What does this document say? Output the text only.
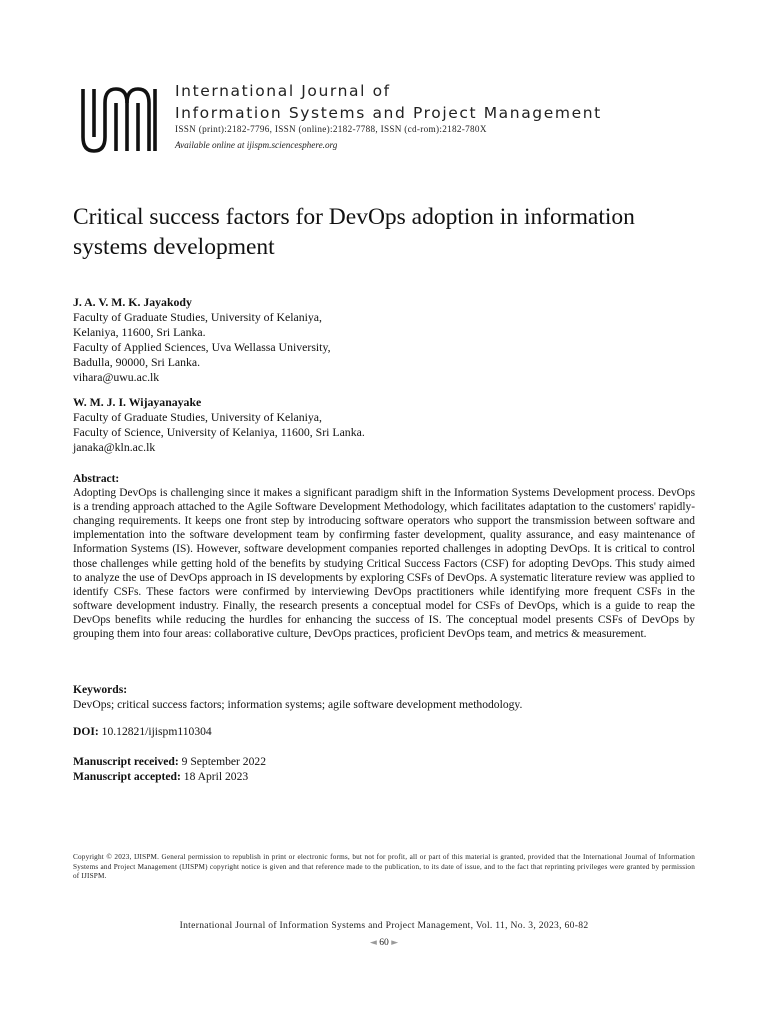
International Journal of
Information Systems and Project Management
ISSN (print):2182-7796, ISSN (online):2182-7788, ISSN (cd-rom):2182-780X
Available online at ijispm.sciencesphere.org
Critical success factors for DevOps adoption in information systems development
J. A. V. M. K. Jayakody
Faculty of Graduate Studies, University of Kelaniya,
Kelaniya, 11600, Sri Lanka.
Faculty of Applied Sciences, Uva Wellassa University,
Badulla, 90000, Sri Lanka.
vihara@uwu.ac.lk
W. M. J. I. Wijayanayake
Faculty of Graduate Studies, University of Kelaniya,
Faculty of Science, University of Kelaniya, 11600, Sri Lanka.
janaka@kln.ac.lk
Abstract:
Adopting DevOps is challenging since it makes a significant paradigm shift in the Information Systems Development process. DevOps is a trending approach attached to the Agile Software Development Methodology, which facilitates adaptation to the customers' rapidly-changing requirements. It keeps one front step by introducing software operators who support the transmission between software and implementation into the software development team by confirming faster development, quality assurance, and easy maintenance of Information Systems (IS). However, software development companies reported challenges in adopting DevOps. It is critical to control those challenges while getting hold of the benefits by studying Critical Success Factors (CSF) for adopting DevOps. This study aimed to analyze the use of DevOps approach in IS developments by exploring CSFs of DevOps. A systematic literature review was applied to identify CSFs. These factors were confirmed by interviewing DevOps practitioners while identifying more frequent CSFs in the software development industry. Finally, the research presents a conceptual model for CSFs of DevOps, which is a guide to reap the DevOps benefits while reducing the hurdles for enhancing the success of IS. The conceptual model presents CSFs of DevOps by grouping them into four areas: collaborative culture, DevOps practices, proficient DevOps team, and metrics & measurement.
Keywords:
DevOps; critical success factors; information systems; agile software development methodology.
DOI: 10.12821/ijispm110304
Manuscript received: 9 September 2022
Manuscript accepted: 18 April 2023
Copyright © 2023, IJISPM. General permission to republish in print or electronic forms, but not for profit, all or part of this material is granted, provided that the International Journal of Information Systems and Project Management (IJISPM) copyright notice is given and that reference made to the publication, to its date of issue, and to the fact that reprinting privileges were granted by permission of IJISPM.
International Journal of Information Systems and Project Management, Vol. 11, No. 3, 2023, 60-82
◄ 60 ►
